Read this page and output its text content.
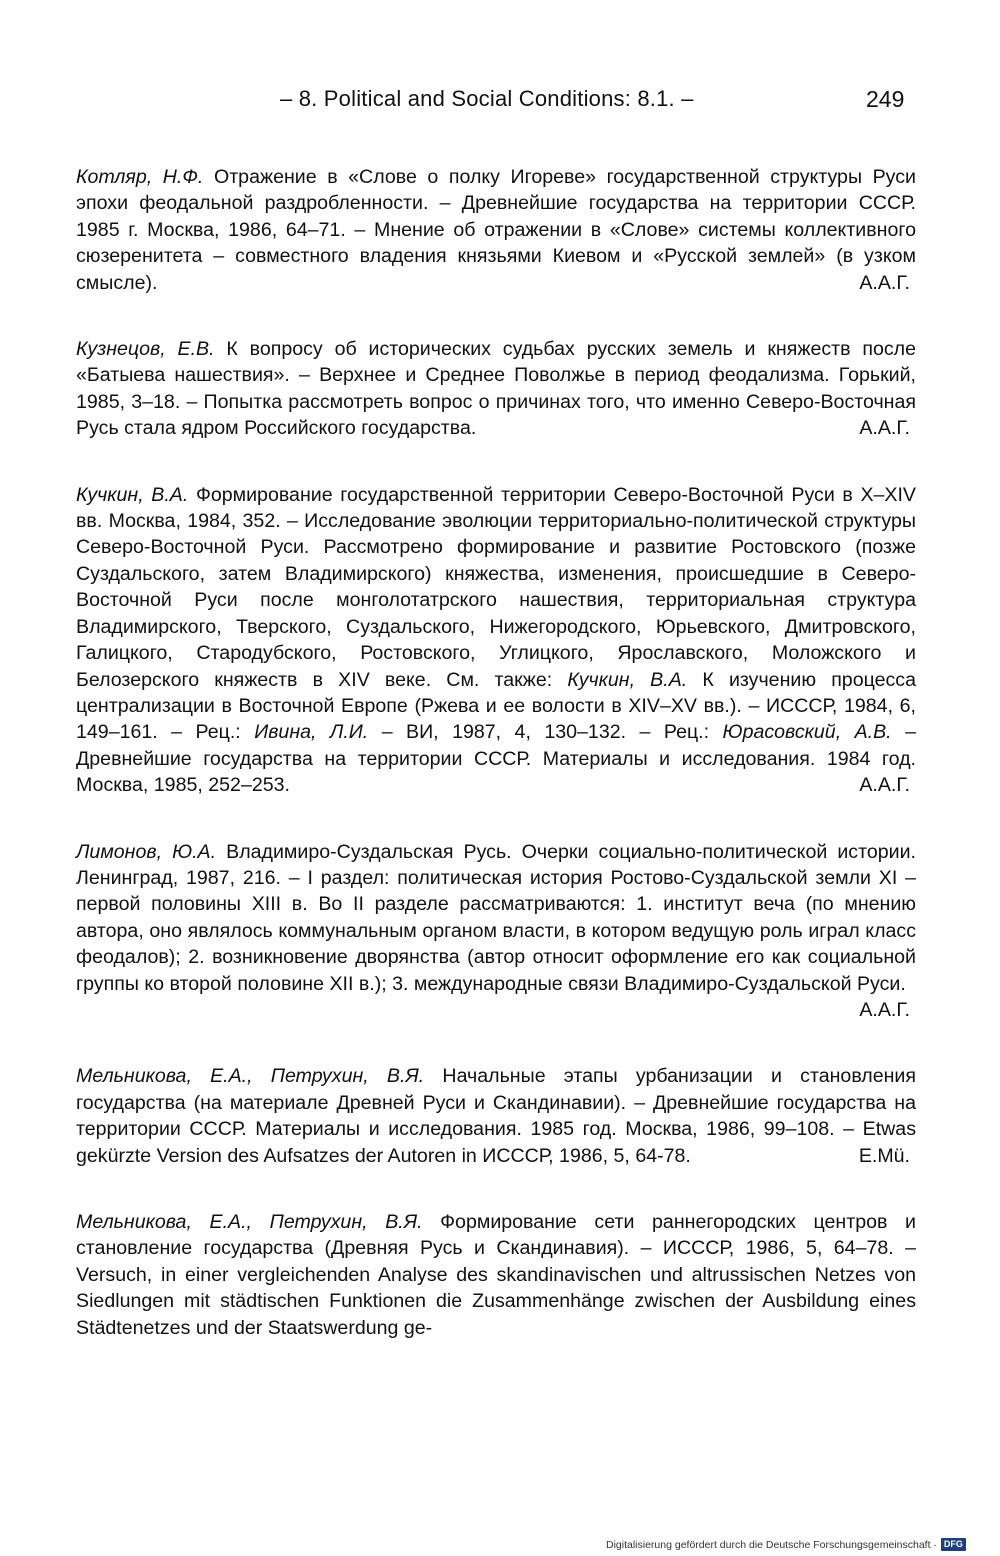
– 8. Political and Social Conditions: 8.1. –	249

Котляр, Н.Ф. Отражение в «Слове о полку Игореве» государственной структуры Руси эпохи феодальной раздробленности. – Древнейшие государства на территории СССР. 1985 г. Москва, 1986, 64–71. – Мнение об отражении в «Слове» системы коллективного сюзеренитета – совместного владения князьями Киевом и «Русской землей» (в узком смысле).	А.А.Г.

Кузнецов, Е.В. К вопросу об исторических судьбах русских земель и княжеств после «Батыева нашествия». – Верхнее и Среднее Поволжье в период феодализма. Горький, 1985, 3–18. – Попытка рассмотреть вопрос о причинах того, что именно Северо-Восточная Русь стала ядром Российского государства.	А.А.Г.

Кучкин, В.А. Формирование государственной территории Северо-Восточной Руси в X–XIV вв. Москва, 1984, 352. – Исследование эволюции территориально-политической структуры Северо-Восточной Руси. Рассмотрено формирование и развитие Ростовского (позже Суздальского, затем Владимирского) княжества, изменения, происшедшие в Северо-Восточной Руси после монголотатрского нашествия, территориальная структура Владимирского, Тверского, Суздальского, Нижегородского, Юрьевского, Дмитровского, Галицкого, Стародубского, Ростовского, Углицкого, Ярославского, Моложского и Белозерского княжеств в XIV веке. См. также: Кучкин, В.А. К изучению процесса централизации в Восточной Европе (Ржева и ее волости в XIV–XV вв.). – ИСССР, 1984, 6, 149–161. – Рец.: Ивина, Л.И. – ВИ, 1987, 4, 130–132. – Рец.: Юрасовский, А.В. – Древнейшие государства на территории СССР. Материалы и исследования. 1984 год. Москва, 1985, 252–253.	А.А.Г.

Лимонов, Ю.А. Владимиро-Суздальская Русь. Очерки социально-политической истории. Ленинград, 1987, 216. – I раздел: политическая история Ростово-Суздальской земли XI – первой половины XIII в. Во II разделе рассматриваются: 1. институт веча (по мнению автора, оно являлось коммунальным органом власти, в котором ведущую роль играл класс феодалов); 2. возникновение дворянства (автор относит оформление его как социальной группы ко второй половине XII в.); 3. международные связи Владимиро-Суздальской Руси.
А.А.Г.

Мельникова, Е.А., Петрухин, В.Я. Начальные этапы урбанизации и становления государства (на материале Древней Руси и Скандинавии). – Древнейшие государства на территории СССР. Материалы и исследования. 1985 год. Москва, 1986, 99–108. – Etwas gekürzte Version des Aufsatzes der Autoren in ИСССР, 1986, 5, 64-78.	E.Mü.

Мельникова, Е.А., Петрухин, В.Я. Формирование сети раннегородских центров и становление государства (Древняя Русь и Скандинавия). – ИСССР, 1986, 5, 64–78. – Versuch, in einer vergleichenden Analyse des skandinavischen und altrussischen Netzes von Siedlungen mit städtischen Funktionen die Zusammenhänge zwischen der Ausbildung eines Städtenetzes und der Staatswerdung ge-

Digitalisierung gefördert durch die Deutsche Forschungsgemeinschaft · DFG
